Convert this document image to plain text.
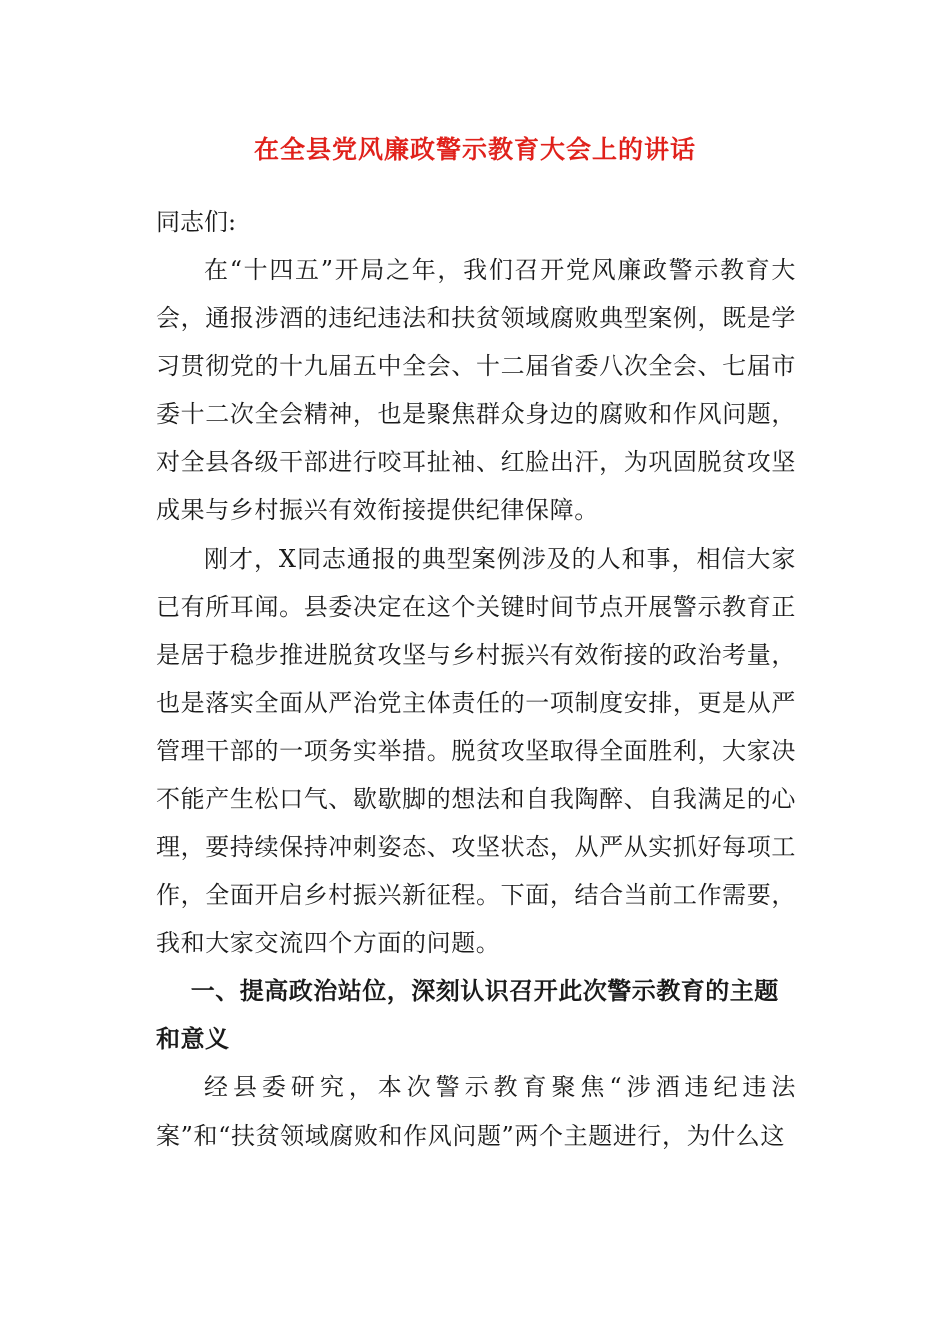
在全县党风廉政警示教育大会上的讲话

同志们:

在“十四五”开局之年，我们召开党风廉政警示教育大会，通报涉酒的违纪违法和扶贫领域腐败典型案例，既是学习贯彻党的十九届五中全会、十二届省委八次全会、七届市委十二次全会精神，也是聚焦群众身边的腐败和作风问题，对全县各级干部进行咬耳扯袖、红脸出汗，为巩固脱贫攻坚成果与乡村振兴有效衔接提供纪律保障。

刚才，X同志通报的典型案例涉及的人和事，相信大家已有所耳闻。县委决定在这个关键时间节点开展警示教育正是居于稳步推进脱贫攻坚与乡村振兴有效衔接的政治考量，也是落实全面从严治党主体责任的一项制度安排，更是从严管理干部的一项务实举措。脱贫攻坚取得全面胜利，大家决不能产生松口气、歇歇脚的想法和自我陶醉、自我满足的心理，要持续保持冲刺姿态、攻坚状态，从严从实抓好每项工作，全面开启乡村振兴新征程。下面，结合当前工作需要，我和大家交流四个方面的问题。

一、提高政治站位，深刻认识召开此次警示教育的主题和意义

经县委研究，本次警示教育聚焦“涉酒违纪违法案”和“扶贫领域腐败和作风问题”两个主题进行，为什么这
